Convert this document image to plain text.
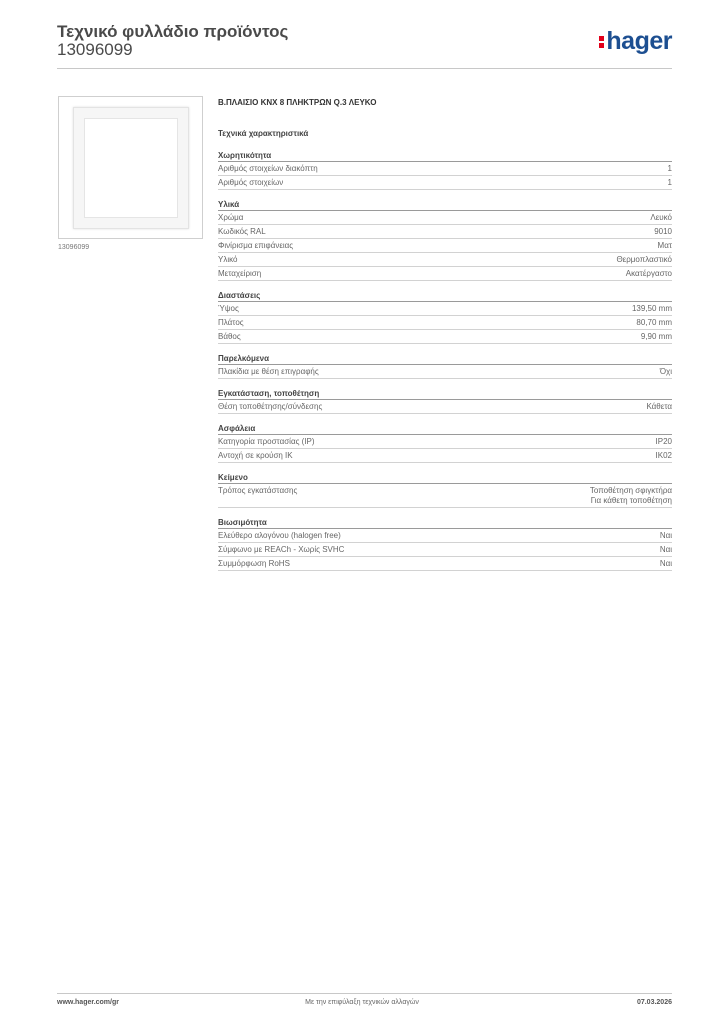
Τεχνικό φυλλάδιο προϊόντος
13096099	hager
13096099
Β.ΠΛΑΙΣΙΟ KNX 8 ΠΛΗΚΤΡΩΝ Q.3 ΛΕΥΚΟ
Τεχνικά χαρακτηριστικά
Χωρητικότητα
Αριθμός στοιχείων διακόπτη	1
Αριθμός στοιχείων	1
Υλικά
Χρώμα	Λευκό
Κωδικός RAL	9010
Φινίρισμα επιφάνειας	Ματ
Υλικό	Θερμοπλαστικό
Μεταχείριση	Ακατέργαστο
Διαστάσεις
Ύψος	139,50 mm
Πλάτος	80,70 mm
Βάθος	9,90 mm
Παρελκόμενα
Πλακίδια με θέση επιγραφής	Όχι
Εγκατάσταση, τοποθέτηση
Θέση τοποθέτησης/σύνδεσης	Κάθετα
Ασφάλεια
Κατηγορία προστασίας (IP)	IP20
Αντοχή σε κρούση IK	IK02
Κείμενο
Τρόπος εγκατάστασης	Τοποθέτηση σφιγκτήρα
Για κάθετη τοποθέτηση
Βιωσιμότητα
Ελεύθερο αλογόνου (halogen free)	Ναι
Σύμφωνο με REACh - Χωρίς SVHC	Ναι
Συμμόρφωση RoHS	Ναι
www.hager.com/gr	Με την επιφύλαξη τεχνικών αλλαγών	07.03.2026
